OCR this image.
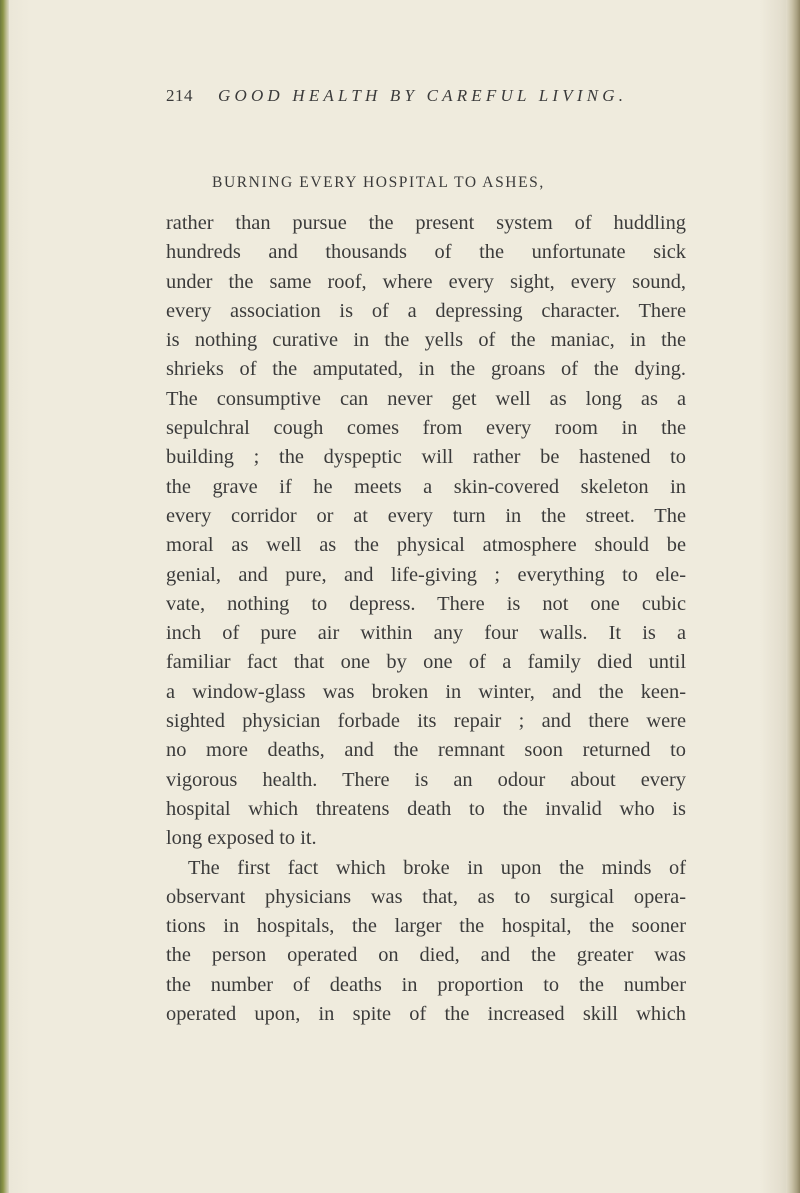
214 GOOD HEALTH BY CAREFUL LIVING.
BURNING EVERY HOSPITAL TO ASHES,
rather than pursue the present system of huddling
hundreds and thousands of the unfortunate sick
under the same roof, where every sight, every sound,
every association is of a depressing character. There
is nothing curative in the yells of the maniac, in the
shrieks of the amputated, in the groans of the dying.
The consumptive can never get well as long as a
sepulchral cough comes from every room in the
building ; the dyspeptic will rather be hastened to
the grave if he meets a skin-covered skeleton in
every corridor or at every turn in the street. The
moral as well as the physical atmosphere should be
genial, and pure, and life-giving ; everything to ele-
vate, nothing to depress. There is not one cubic
inch of pure air within any four walls. It is a
familiar fact that one by one of a family died until
a window-glass was broken in winter, and the keen-
sighted physician forbade its repair ; and there were
no more deaths, and the remnant soon returned to
vigorous health. There is an odour about every
hospital which threatens death to the invalid who is
long exposed to it.
The first fact which broke in upon the minds of
observant physicians was that, as to surgical opera-
tions in hospitals, the larger the hospital, the sooner
the person operated on died, and the greater was
the number of deaths in proportion to the number
operated upon, in spite of the increased skill which
